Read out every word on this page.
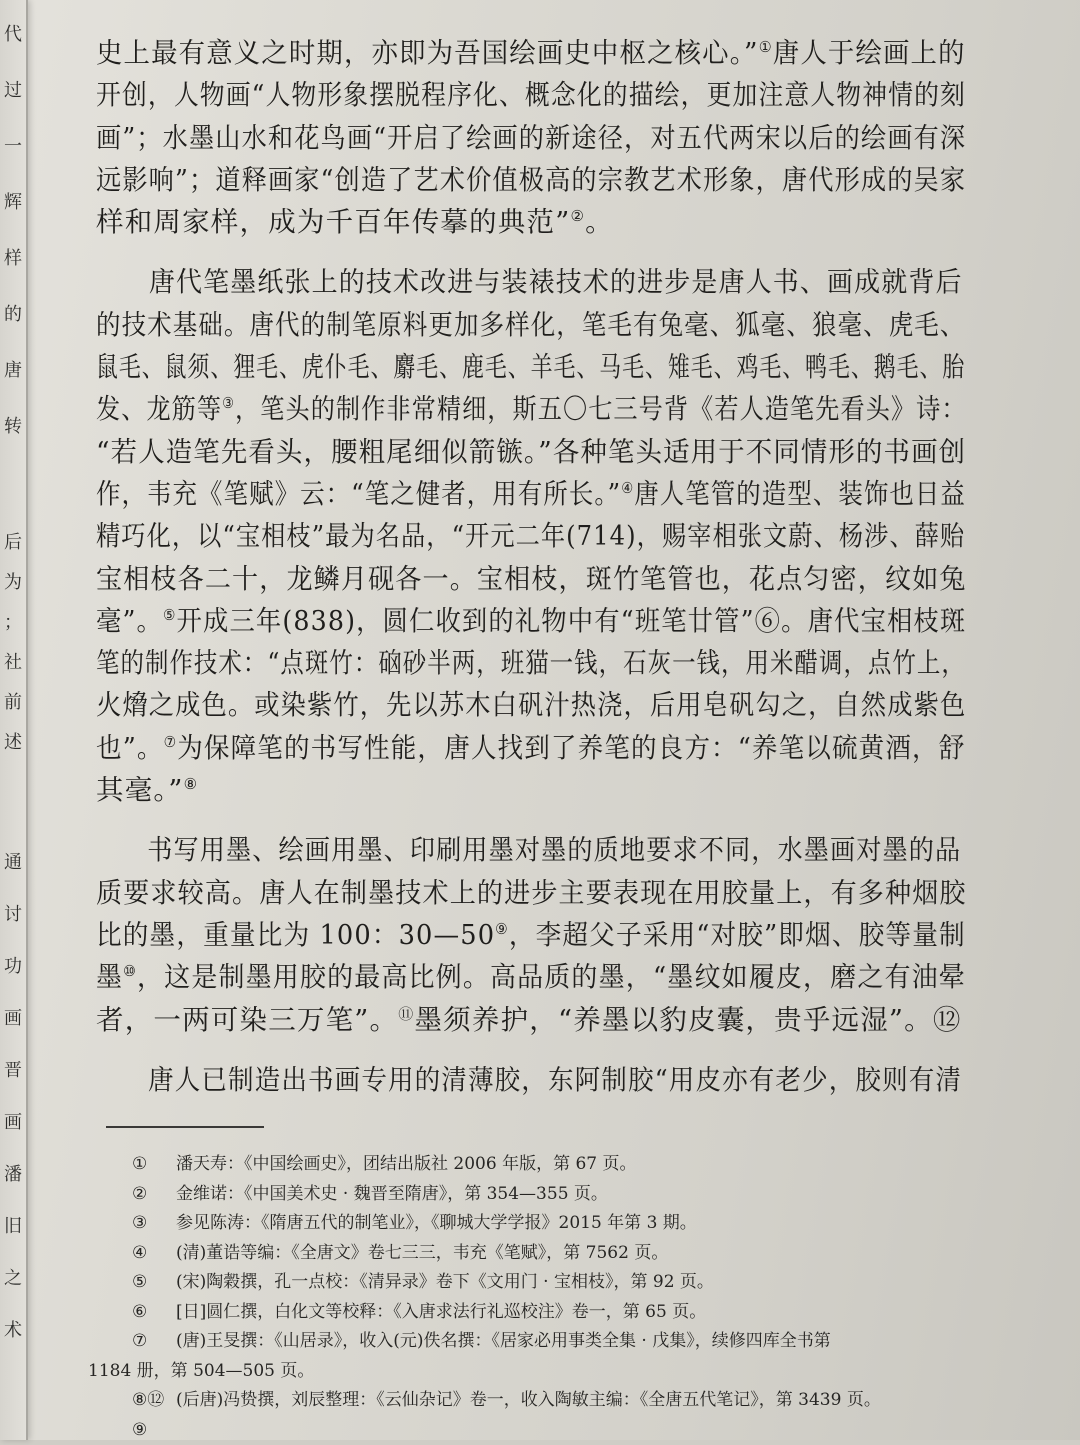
代
过
一
辉
样
的
唐
转
后
为
；
社
前
述
通
讨
功
画
晋
画
潘
旧
之
术
史上最有意义之时期，亦即为吾国绘画史中枢之核心。”①唐人于绘画上的
开创，人物画“人物形象摆脱程序化、概念化的描绘，更加注意人物神情的刻
画”；水墨山水和花鸟画“开启了绘画的新途径，对五代两宋以后的绘画有深
远影响”；道释画家“创造了艺术价值极高的宗教艺术形象，唐代形成的吴家
样和周家样，成为千百年传摹的典范”②。
唐代笔墨纸张上的技术改进与装裱技术的进步是唐人书、画成就背后
的技术基础。唐代的制笔原料更加多样化，笔毛有兔毫、狐毫、狼毫、虎毛、
鼠毛、鼠须、狸毛、虎仆毛、麝毛、鹿毛、羊毛、马毛、雉毛、鸡毛、鸭毛、鹅毛、胎
发、龙筋等③，笔头的制作非常精细，斯五〇七三号背《若人造笔先看头》诗：
“若人造笔先看头，腰粗尾细似箭镞。”各种笔头适用于不同情形的书画创
作，韦充《笔赋》云：“笔之健者，用有所长。”④唐人笔管的造型、装饰也日益
精巧化，以“宝相枝”最为名品，“开元二年(714)，赐宰相张文蔚、杨涉、薛贻
宝相枝各二十，龙鳞月砚各一。宝相枝，斑竹笔管也，花点匀密，纹如兔
毫”。⑤开成三年(838)，圆仁收到的礼物中有“班笔廿管”⑥。唐代宝相枝斑
笔的制作技术：“点斑竹：硇砂半两，班猫一钱，石灰一钱，用米醋调，点竹上，
火熁之成色。或染紫竹，先以苏木白矾汁热浇，后用皂矾勾之，自然成紫色
也”。⑦为保障笔的书写性能，唐人找到了养笔的良方：“养笔以硫黄酒，舒
其毫。”⑧
书写用墨、绘画用墨、印刷用墨对墨的质地要求不同，水墨画对墨的品
质要求较高。唐人在制墨技术上的进步主要表现在用胶量上，有多种烟胶
比的墨，重量比为 100：30—50⑨，李超父子采用“对胶”即烟、胶等量制
墨⑩，这是制墨用胶的最高比例。高品质的墨，“墨纹如履皮，磨之有油晕
者，一两可染三万笔”。⑪墨须养护，“养墨以豹皮囊，贵乎远湿”。⑫
唐人已制造出书画专用的清薄胶，东阿制胶“用皮亦有老少，胶则有清
①	潘天寿：《中国绘画史》，团结出版社 2006 年版，第 67 页。
②	金维诺：《中国美术史 · 魏晋至隋唐》，第 354—355 页。
③	参见陈涛：《隋唐五代的制笔业》，《聊城大学学报》2015 年第 3 期。
④	(清)董诰等编：《全唐文》卷七三三，韦充《笔赋》，第 7562 页。
⑤	(宋)陶穀撰，孔一点校：《清异录》卷下《文用门 · 宝相枝》，第 92 页。
⑥	[日]圆仁撰，白化文等校释：《入唐求法行礼巡校注》卷一，第 65 页。
⑦	(唐)王旻撰：《山居录》，收入(元)佚名撰：《居家必用事类全集 · 戊集》，续修四库全书第
1184 册，第 504—505 页。
⑧⑫ (后唐)冯贽撰，刘辰整理：《云仙杂记》卷一，收入陶敏主编：《全唐五代笔记》，第 3439 页。
⑨
